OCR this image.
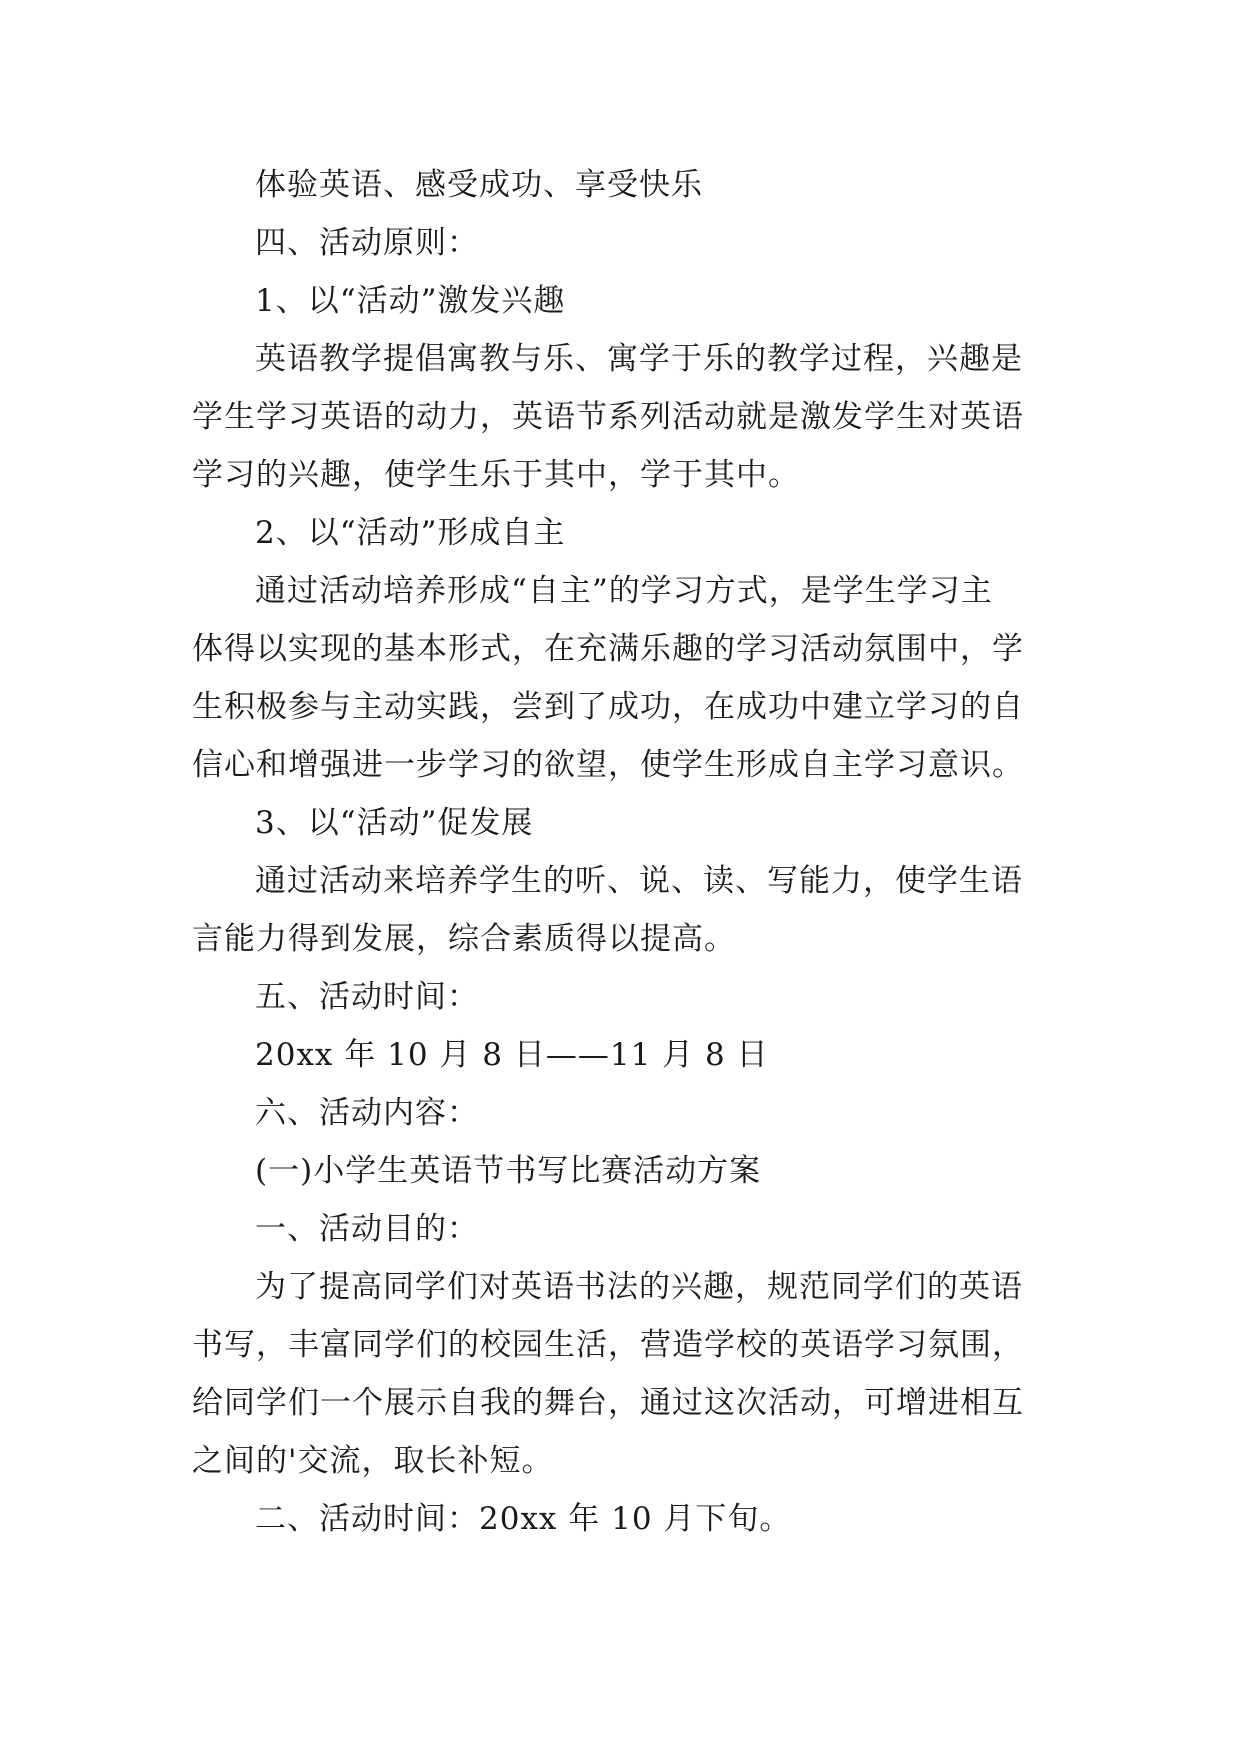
体验英语、感受成功、享受快乐

四、活动原则：

1、以“活动”激发兴趣

英语教学提倡寓教与乐、寓学于乐的教学过程，兴趣是

学生学习英语的动力，英语节系列活动就是激发学生对英语

学习的兴趣，使学生乐于其中，学于其中。

2、以“活动”形成自主

通过活动培养形成“自主”的学习方式，是学生学习主

体得以实现的基本形式，在充满乐趣的学习活动氛围中，学

生积极参与主动实践，尝到了成功，在成功中建立学习的自

信心和增强进一步学习的欲望，使学生形成自主学习意识。

3、以“活动”促发展

通过活动来培养学生的听、说、读、写能力，使学生语

言能力得到发展，综合素质得以提高。

五、活动时间：

20xx 年 10 月 8 日——11 月 8 日

六、活动内容：

(一)小学生英语节书写比赛活动方案

一、活动目的：

为了提高同学们对英语书法的兴趣，规范同学们的英语

书写，丰富同学们的校园生活，营造学校的英语学习氛围，

给同学们一个展示自我的舞台，通过这次活动，可增进相互

之间的'交流，取长补短。

二、活动时间：20xx 年 10 月下旬。
